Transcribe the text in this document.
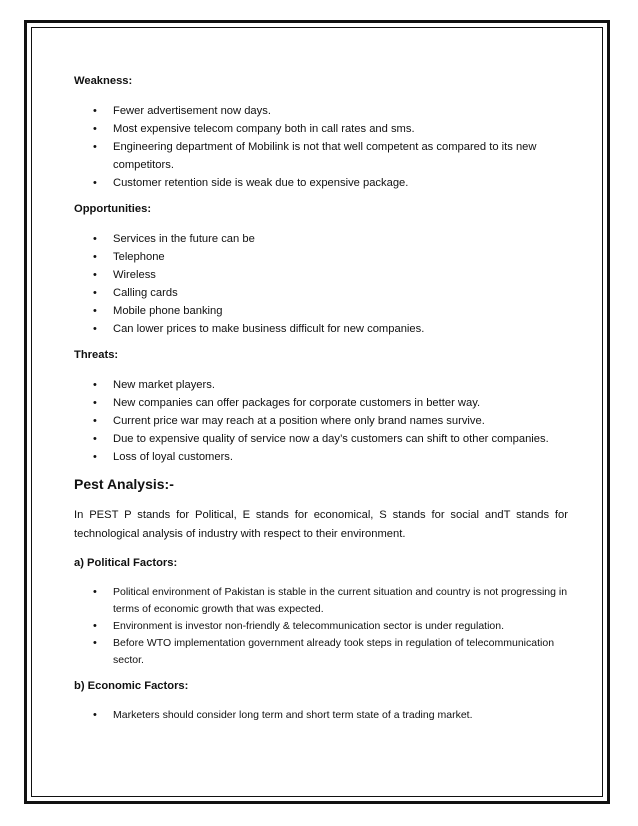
Weakness:
• Fewer advertisement now days.
• Most expensive telecom company both in call rates and sms.
• Engineering department of Mobilink is not that well competent as compared to its new competitors.
• Customer retention side is weak due to expensive package.
Opportunities:
• Services in the future can be
• Telephone
• Wireless
• Calling cards
• Mobile phone banking
• Can lower prices to make business difficult for new companies.
Threats:
• New market players.
• New companies can offer packages for corporate customers in better way.
• Current price war may reach at a position where only brand names survive.
• Due to expensive quality of service now a day’s customers can shift to other companies.
• Loss of loyal customers.
Pest Analysis:-
In PEST P stands for Political, E stands for economical, S stands for social andT stands for technological analysis of industry with respect to their environment.
a) Political Factors:
• Political environment of Pakistan is stable in the current situation and country is not progressing in terms of economic growth that was expected.
• Environment is investor non-friendly & telecommunication sector is under regulation.
• Before WTO implementation government already took steps in regulation of telecommunication sector.
b) Economic Factors:
• Marketers should consider long term and short term state of a trading market.
